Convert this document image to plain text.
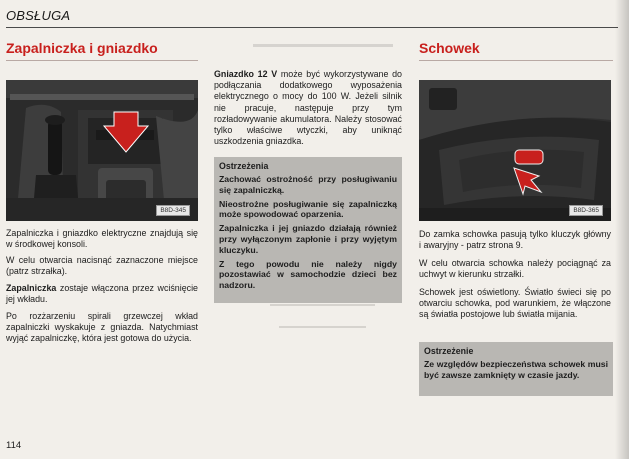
OBSŁUGA
Zapalniczka i gniazdko
B8D-345
Zapalniczka i gniazdko elektryczne znajdują się w środkowej konsoli.
W celu otwarcia nacisnąć zaznaczone miejsce (patrz strzałka).
Zapalniczka zostaje włączona przez wciśnięcie jej wkładu.
Po rozżarzeniu spirali grzewczej wkład zapalniczki wyskakuje z gniazda. Natychmiast wyjąć zapalniczkę, która jest gotowa do użycia.
Gniazdko 12 V może być wykorzystywane do podłączania dodatkowego wyposażenia elektrycznego o mocy do 100 W. Jeżeli silnik nie pracuje, następuje przy tym rozładowywanie akumulatora. Należy stosować tylko właściwe wtyczki, aby uniknąć uszkodzenia gniazdka.
Ostrzeżenia
Zachować ostrożność przy posługiwaniu się zapalniczką.
Nieostrożne posługiwanie się zapalniczką może spowodować oparzenia.
Zapalniczka i jej gniazdo działają również przy wyłączonym zapłonie i przy wyjętym kluczyku.
Z tego powodu nie należy nigdy pozostawiać w samochodzie dzieci bez nadzoru.
Schowek
B8D-365
Do zamka schowka pasują tylko kluczyk główny i awaryjny - patrz strona 9.
W celu otwarcia schowka należy pociągnąć za uchwyt w kierunku strzałki.
Schowek jest oświetlony. Światło świeci się po otwarciu schowka, pod warunkiem, że włączone są światła postojowe lub światła mijania.
Ostrzeżenie
Ze względów bezpieczeństwa schowek musi być zawsze zamknięty w czasie jazdy.
114
